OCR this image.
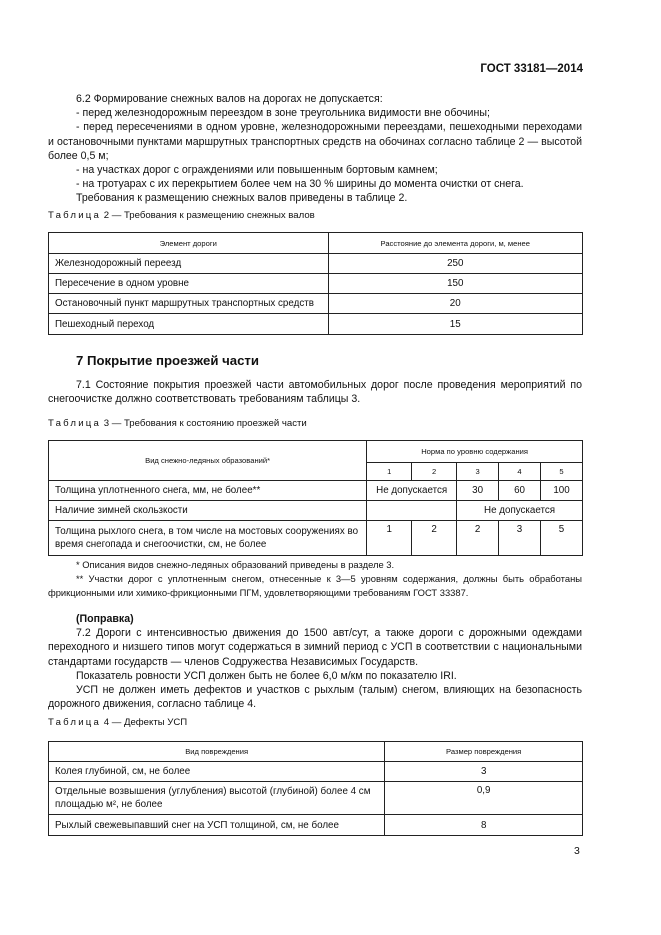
ГОСТ 33181—2014
6.2 Формирование снежных валов на дорогах не допускается:
- перед железнодорожным переездом в зоне треугольника видимости вне обочины;
- перед пересечениями в одном уровне, железнодорожными переездами, пешеходными переходами и остановочными пунктами маршрутных транспортных средств на обочинах согласно таблице 2 — высотой более 0,5 м;
- на участках дорог с ограждениями или повышенным бортовым камнем;
- на тротуарах с их перекрытием более чем на 30 % ширины до момента очистки от снега.
Требования к размещению снежных валов приведены в таблице 2.
Таблица 2 — Требования к размещению снежных валов
Элемент дороги	Расстояние до элемента дороги, м, менее
Железнодорожный переезд	250
Пересечение в одном уровне	150
Остановочный пункт маршрутных транспортных средств	20
Пешеходный переход	15
7 Покрытие проезжей части
7.1 Состояние покрытия проезжей части автомобильных дорог после проведения мероприятий по снегоочистке должно соответствовать требованиям таблицы 3.
Таблица 3 — Требования к состоянию проезжей части
Вид снежно-ледяных образований*	Норма по уровню содержания				
	1	2	3	4	5
Толщина уплотненного снега, мм, не более**	Не допускается		30	60	100
Наличие зимней скользкости			Не допускается		
Толщина рыхлого снега, в том числе на мостовых сооружениях во время снегопада и снегоочистки, см, не более	1	2	2	3	5
* Описания видов снежно-ледяных образований приведены в разделе 3.
** Участки дорог с уплотненным снегом, отнесенные к 3—5 уровням содержания, должны быть обработаны фрикционными или химико-фрикционными ПГМ, удовлетворяющими требованиям ГОСТ 33387.
(Поправка)
7.2 Дороги с интенсивностью движения до 1500 авт/сут, а также дороги с дорожными одеждами переходного и низшего типов могут содержаться в зимний период с УСП в соответствии с национальными стандартами государств — членов Содружества Независимых Государств.
Показатель ровности УСП должен быть не более 6,0 м/км по показателю IRI.
УСП не должен иметь дефектов и участков с рыхлым (талым) снегом, влияющих на безопасность дорожного движения, согласно таблице 4.
Таблица 4 — Дефекты УСП
Вид повреждения	Размер повреждения
Колея глубиной, см, не более	3
Отдельные возвышения (углубления) высотой (глубиной) более 4 см площадью м², не более	0,9
Рыхлый свежевыпавший снег на УСП толщиной, см, не более	8
3
